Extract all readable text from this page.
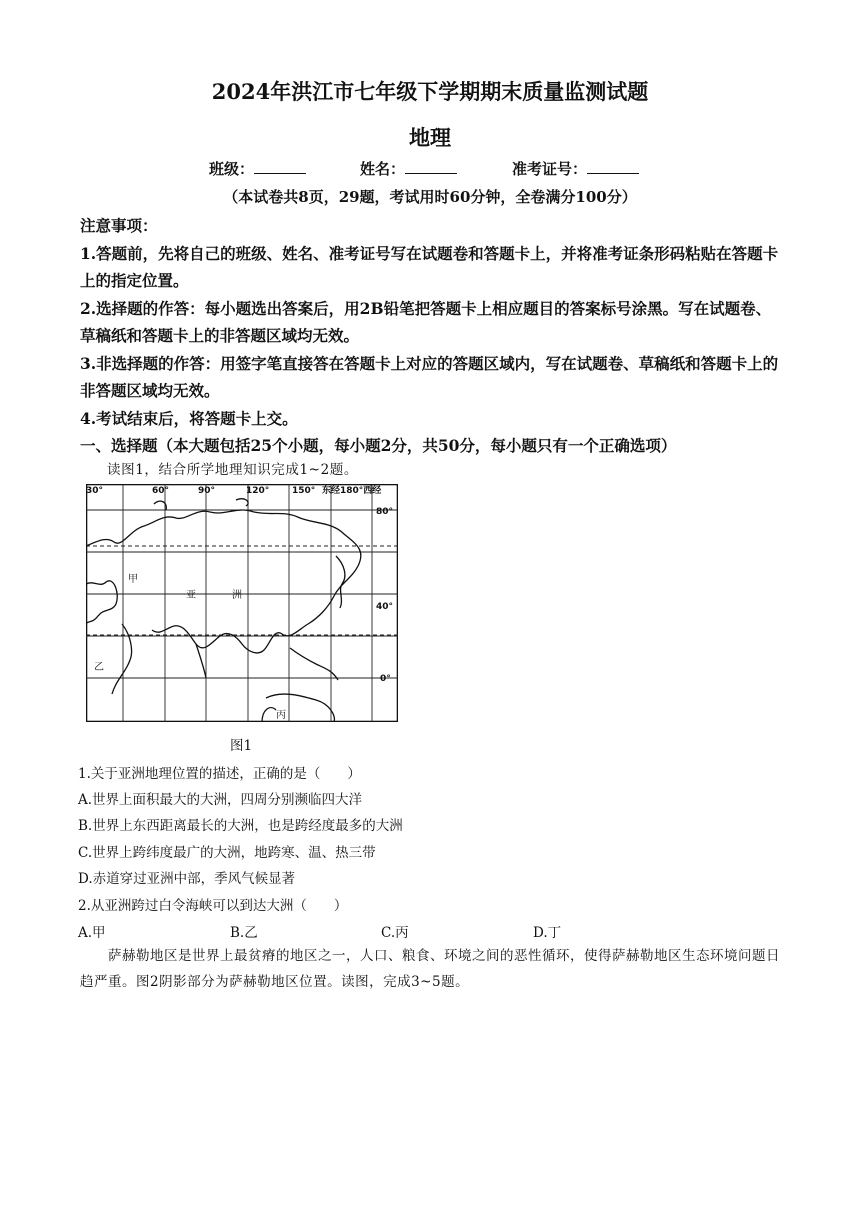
2024年洪江市七年级下学期期末质量监测试题
地理
班级：	姓名：	准考证号：
（本试卷共8页，29题，考试用时60分钟，全卷满分100分）
注意事项：
1.答题前，先将自己的班级、姓名、准考证号写在试题卷和答题卡上，并将准考证条形码粘贴在答题卡上的指定位置。
2.选择题的作答：每小题选出答案后，用2B铅笔把答题卡上相应题目的答案标号涂黑。写在试题卷、草稿纸和答题卡上的非答题区域均无效。
3.非选择题的作答：用签字笔直接答在答题卡上对应的答题区域内，写在试题卷、草稿纸和答题卡上的非答题区域均无效。
4.考试结束后，将答题卡上交。
一、选择题（本大题包括25个小题，每小题2分，共50分，每小题只有一个正确选项）
读图1，结合所学地理知识完成1~2题。
30°	60°	90°	120°	150° 东经180°西经
80°
40°
0°
甲
亚	洲
乙
丙
图1
1.关于亚洲地理位置的描述，正确的是（　　）
A.世界上面积最大的大洲，四周分别濒临四大洋
B.世界上东西距离最长的大洲，也是跨经度最多的大洲
C.世界上跨纬度最广的大洲，地跨寒、温、热三带
D.赤道穿过亚洲中部，季风气候显著
2.从亚洲跨过白令海峡可以到达大洲（　　）
A.甲	B.乙	C.丙	D.丁
萨赫勒地区是世界上最贫瘠的地区之一，人口、粮食、环境之间的恶性循环，使得萨赫勒地区生态环境问题日趋严重。图2阴影部分为萨赫勒地区位置。读图，完成3~5题。
